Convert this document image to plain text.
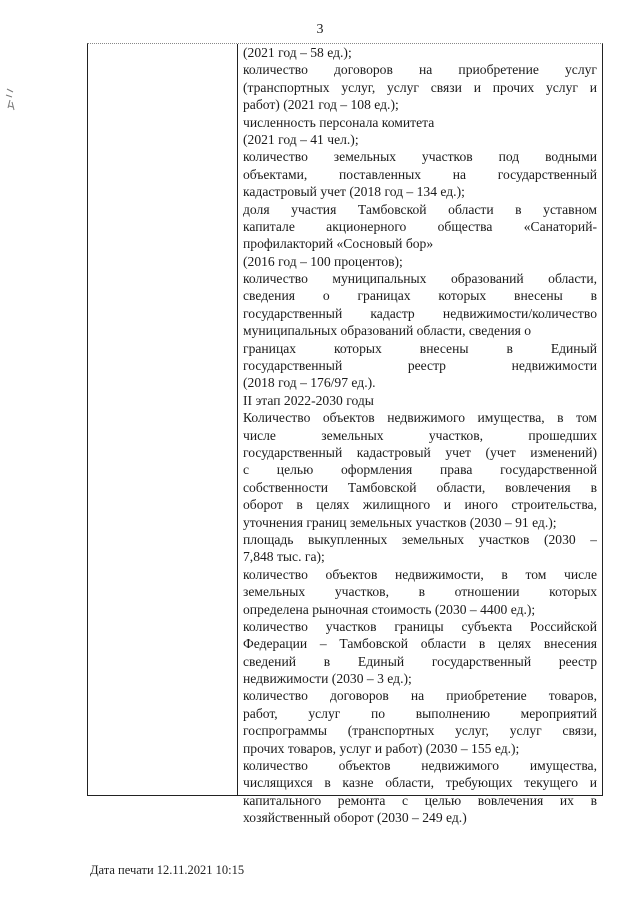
3
(2021 год – 58 ед.);
количество договоров на приобретение услуг
(транспортных услуг, услуг связи и прочих услуг и
работ) (2021 год – 108 ед.);
численность персонала комитета
(2021 год – 41 чел.);
количество земельных участков под водными
объектами, поставленных на государственный
кадастровый учет (2018 год – 134 ед.);
доля участия Тамбовской области в уставном
капитале акционерного общества «Санаторий-
профилакторий «Сосновый бор»
(2016 год – 100 процентов);
количество муниципальных образований области,
сведения о границах которых внесены в
государственный кадастр недвижимости/количество
муниципальных образований области, сведения о
границах которых внесены в Единый
государственный реестр недвижимости
(2018 год – 176/97 ед.).
II этап 2022-2030 годы
Количество объектов недвижимого имущества, в том
числе земельных участков, прошедших
государственный кадастровый учет (учет изменений)
с целью оформления права государственной
собственности Тамбовской области, вовлечения в
оборот в целях жилищного и иного строительства,
уточнения границ земельных участков (2030 – 91 ед.);
площадь выкупленных земельных участков (2030 –
7,848 тыс. га);
количество объектов недвижимости, в том числе
земельных участков, в отношении которых
определена рыночная стоимость (2030 – 4400 ед.);
количество участков границы субъекта Российской
Федерации – Тамбовской области в целях внесения
сведений в Единый государственный реестр
недвижимости (2030 – 3 ед.);
количество договоров на приобретение товаров,
работ, услуг по выполнению мероприятий
госпрограммы (транспортных услуг, услуг связи,
прочих товаров, услуг и работ) (2030 – 155 ед.);
количество объектов недвижимого имущества,
числящихся в казне области, требующих текущего и
капитального ремонта с целью вовлечения их в
хозяйственный оборот (2030 – 249 ед.)
Дата печати 12.11.2021 10:15
